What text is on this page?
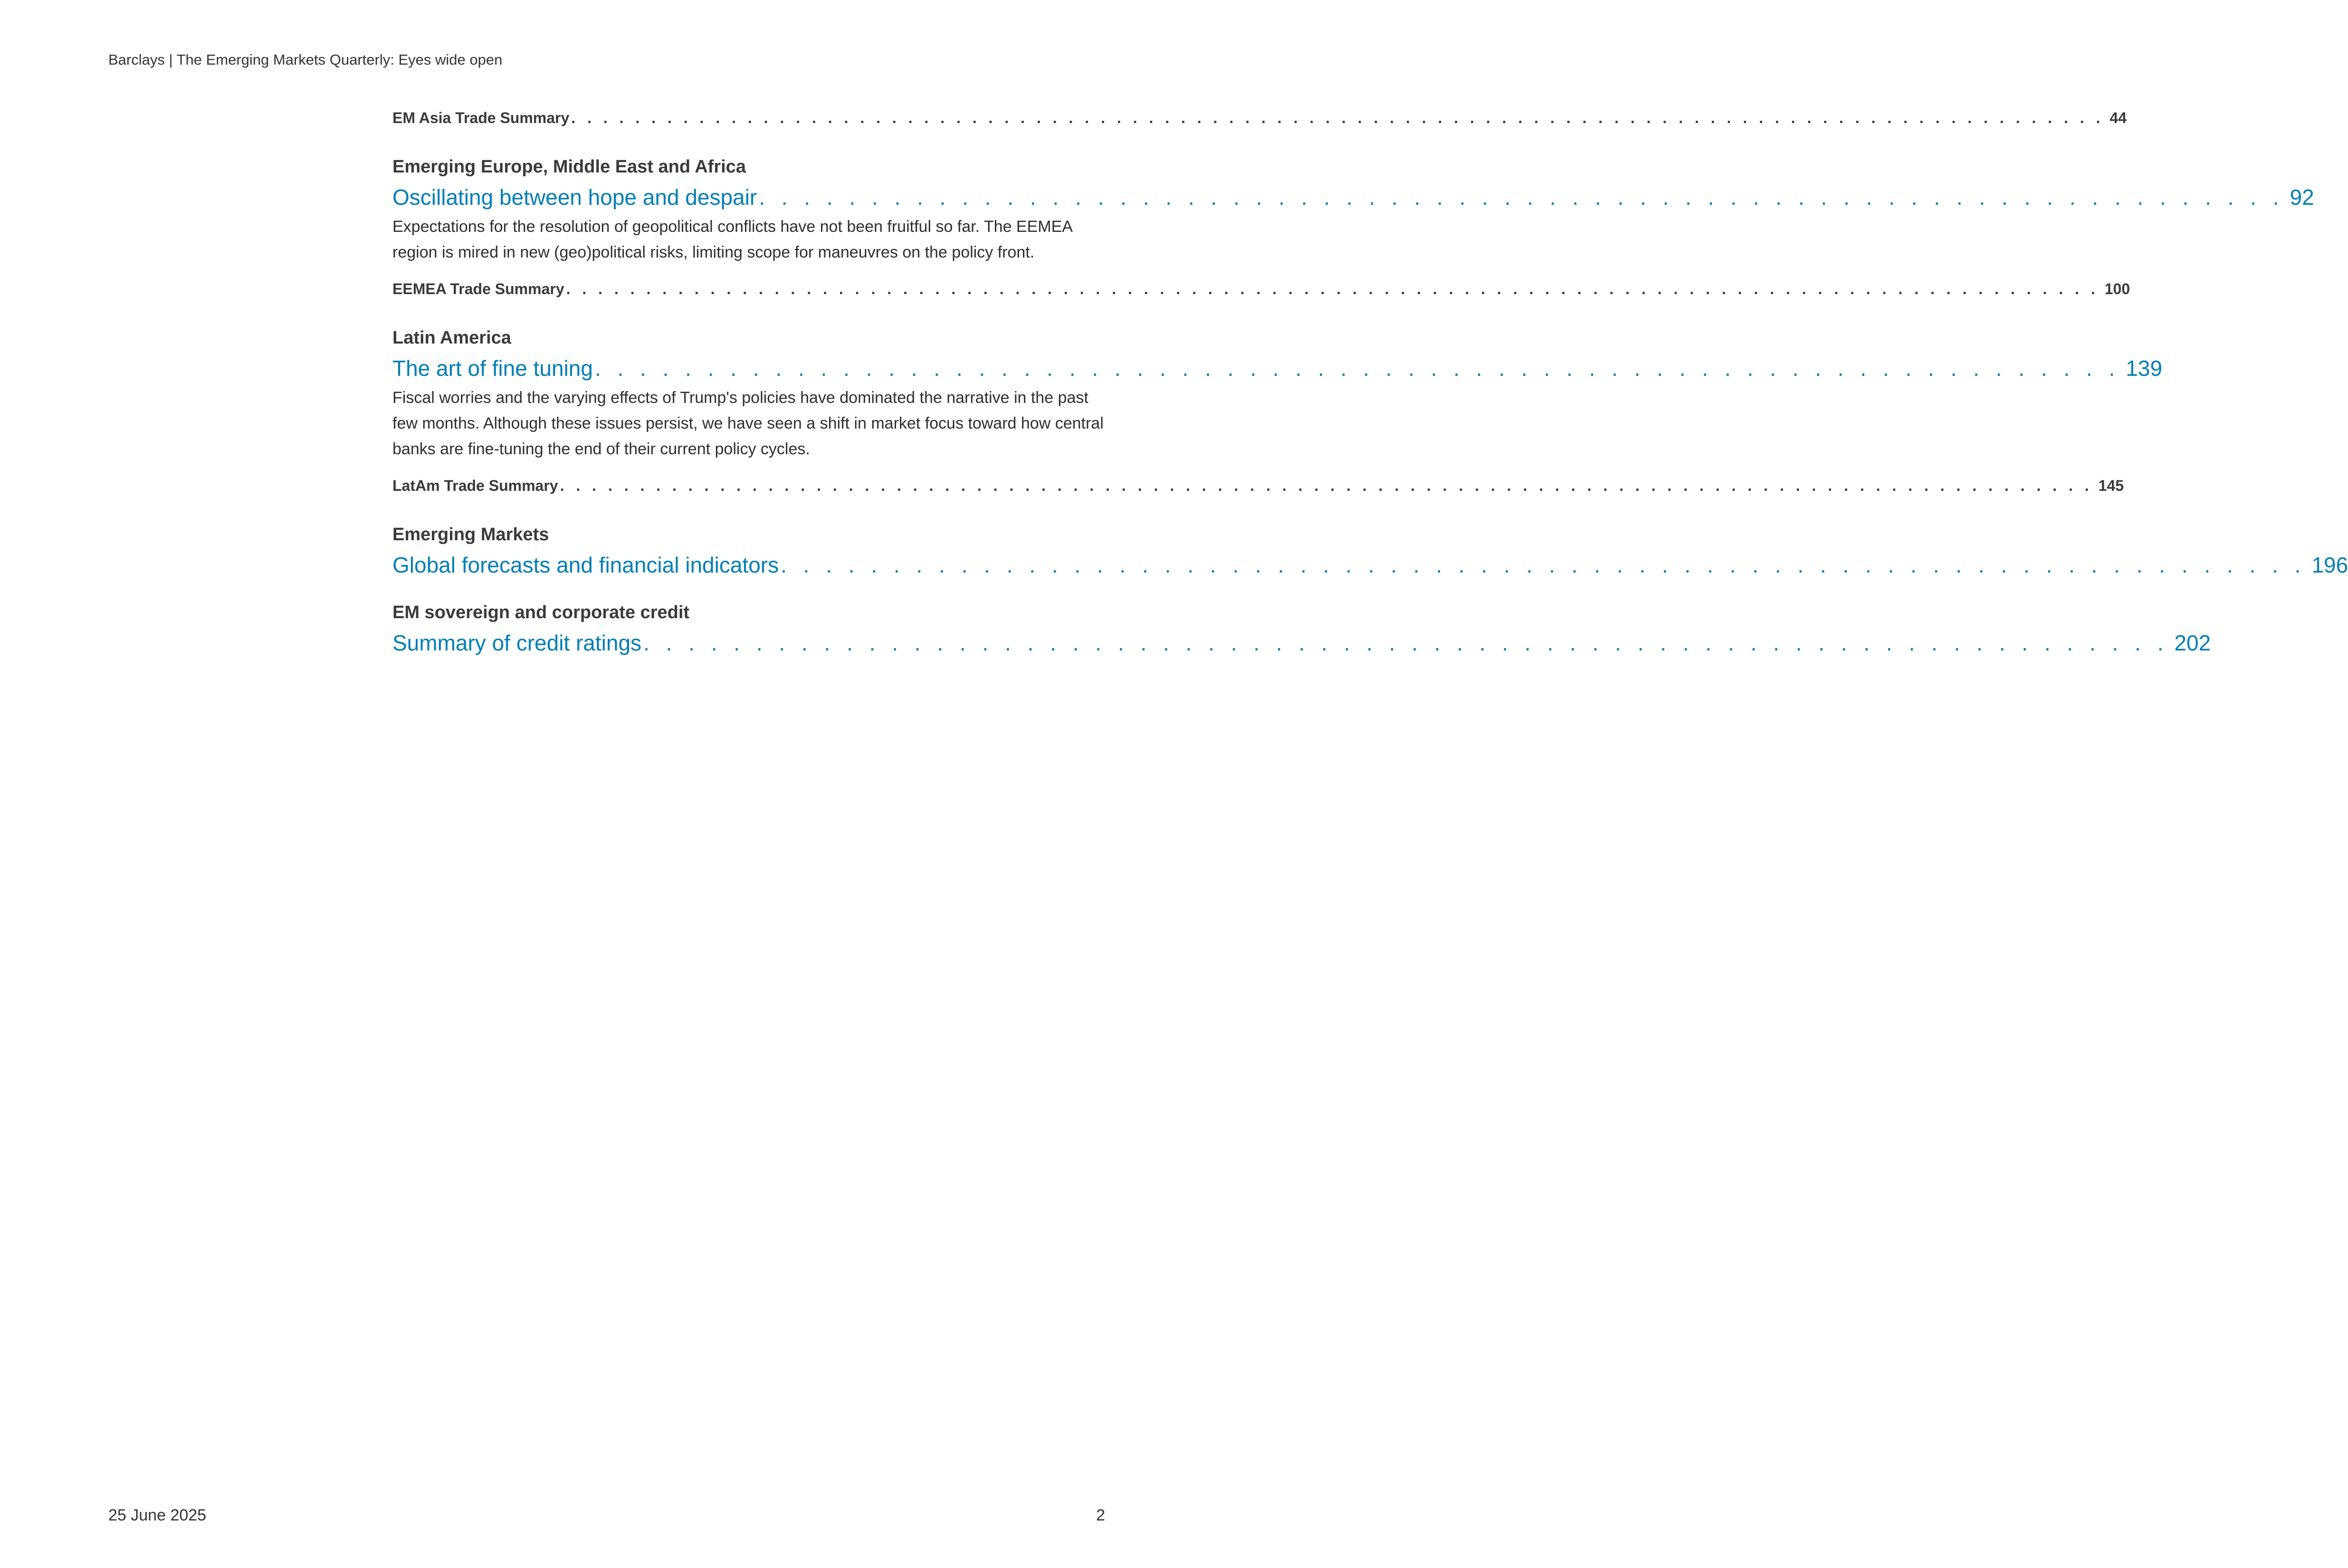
Barclays | The Emerging Markets Quarterly: Eyes wide open
EM Asia Trade Summary . . . . . . . . . . . . . . . . . . . . . . . . . . . . . . . . . . . . . . . . . . . . . . . . . . . . . . . . . . . . . . . . . . . . . . . . . . . . . . . . . . . . . . . . . . . . . . . . 44
Emerging Europe, Middle East and Africa
Oscillating between hope and despair . . . . . . . . . . . . . . . . . . . . . . . . . . . . . . . . . . . . . . . . . . . . . . . . . . . . . . . . . . . . . . . . . . . . 92
Expectations for the resolution of geopolitical conflicts have not been fruitful so far. The EEMEA region is mired in new (geo)political risks, limiting scope for maneuvres on the policy front.
EEMEA Trade Summary . . . . . . . . . . . . . . . . . . . . . . . . . . . . . . . . . . . . . . . . . . . . . . . . . . . . . . . . . . . . . . . . . . . . . . . . . . . . . . . . . . . . . . . . . . . . . . . . 100
Latin America
The art of fine tuning . . . . . . . . . . . . . . . . . . . . . . . . . . . . . . . . . . . . . . . . . . . . . . . . . . . . . . . . . . . . . . . . . . . . 139
Fiscal worries and the varying effects of Trump's policies have dominated the narrative in the past few months. Although these issues persist, we have seen a shift in market focus toward how central banks are fine-tuning the end of their current policy cycles.
LatAm Trade Summary . . . . . . . . . . . . . . . . . . . . . . . . . . . . . . . . . . . . . . . . . . . . . . . . . . . . . . . . . . . . . . . . . . . . . . . . . . . . . . . . . . . . . . . . . . . . . . . . 145
Emerging Markets
Global forecasts and financial indicators . . . . . . . . . . . . . . . . . . . . . . . . . . . . . . . . . . . . . . . . . . . . . . . . . . . . . . . . . . . . . . . . . . . . 196
EM sovereign and corporate credit
Summary of credit ratings . . . . . . . . . . . . . . . . . . . . . . . . . . . . . . . . . . . . . . . . . . . . . . . . . . . . . . . . . . . . . . . . . . . . 202
25 June 2025	2
